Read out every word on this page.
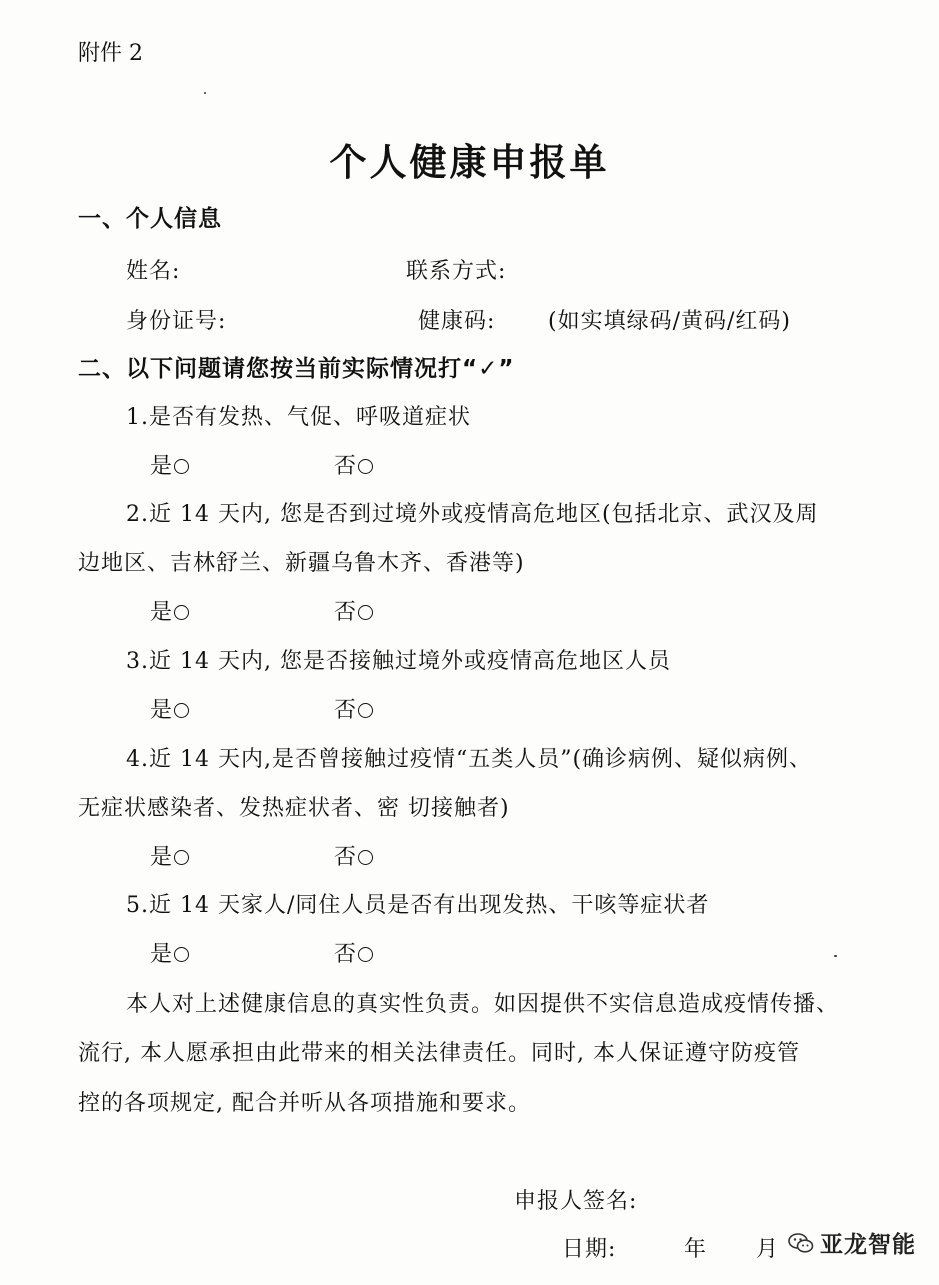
附件 2
个人健康申报单
一、个人信息
姓名:	联系方式:
身份证号:	健康码: (如实填绿码/黄码/红码)
二、以下问题请您按当前实际情况打“✓”
1.是否有发热、气促、呼吸道症状
是	否
2.近 14 天内, 您是否到过境外或疫情高危地区(包括北京、武汉及周
边地区、吉林舒兰、新疆乌鲁木齐、香港等)
是	否
3.近 14 天内, 您是否接触过境外或疫情高危地区人员
是	否
4.近 14 天内,是否曾接触过疫情“五类人员”(确诊病例、疑似病例、
无症状感染者、发热症状者、密 切接触者)
是	否
5.近 14 天家人/同住人员是否有出现发热、干咳等症状者
是	否
本人对上述健康信息的真实性负责。如因提供不实信息造成疫情传播、
流行, 本人愿承担由此带来的相关法律责任。同时, 本人保证遵守防疫管
控的各项规定, 配合并听从各项措施和要求。
申报人签名:
日期:	年 月 亚龙智能
